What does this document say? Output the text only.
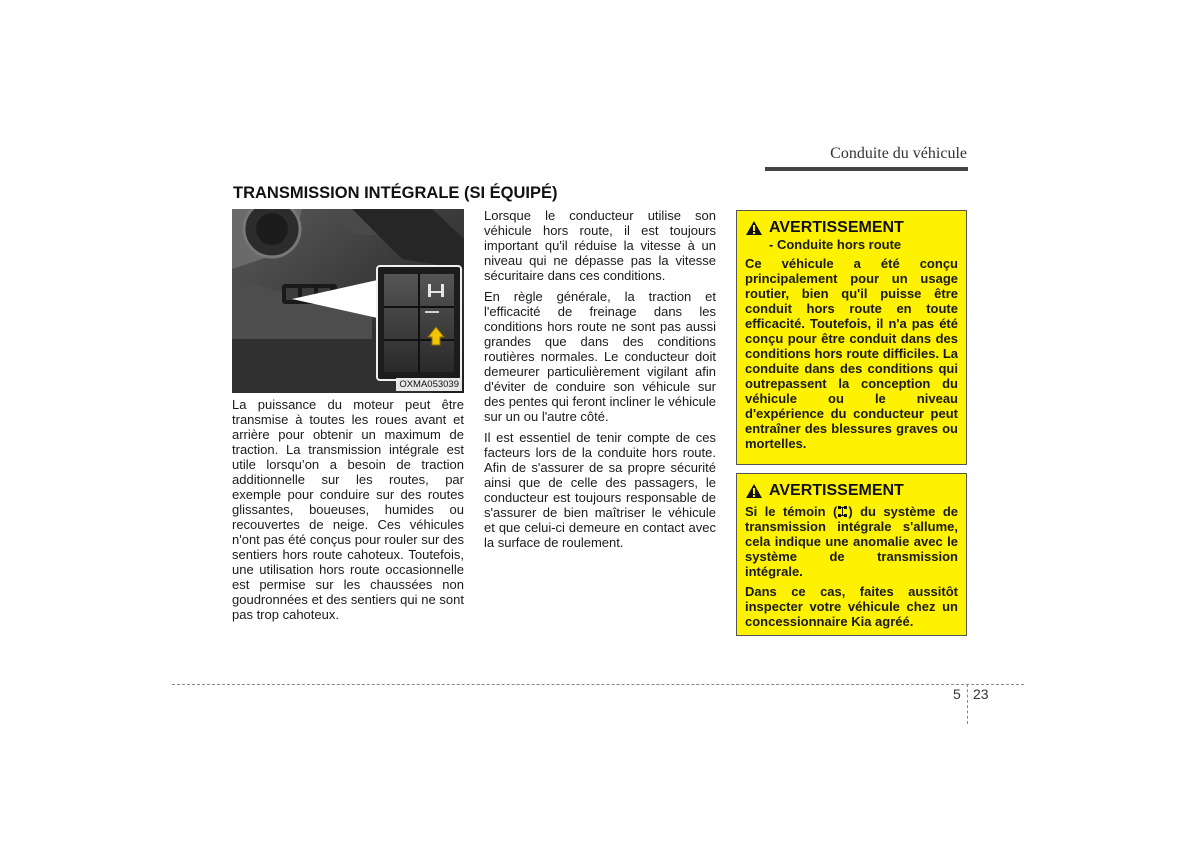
Conduite du véhicule
TRANSMISSION INTÉGRALE (SI ÉQUIPÉ)
OXMA053039

La puissance du moteur peut être transmise à toutes les roues avant et arrière pour obtenir un maximum de traction. La transmission intégrale est utile lorsqu’on a besoin de traction additionnelle sur les routes, par exemple pour conduire sur des routes glissantes, boueuses, humides ou recouvertes de neige. Ces véhicules n'ont pas été conçus pour rouler sur des sentiers hors route cahoteux. Toutefois, une utilisation hors route occasionnelle est permise sur les chaussées non goudronnées et des sentiers qui ne sont pas trop cahoteux.

Lorsque le conducteur utilise son véhicule hors route, il est toujours important qu'il réduise la vitesse à un niveau qui ne dépasse pas la vitesse sécuritaire dans ces conditions.

En règle générale, la traction et l'efficacité de freinage dans les conditions hors route ne sont pas aussi grandes que dans des conditions routières normales. Le conducteur doit demeurer particulièrement vigilant afin d'éviter de conduire son véhicule sur des pentes qui feront incliner le véhicule sur un ou l'autre côté.

Il est essentiel de tenir compte de ces facteurs lors de la conduite hors route. Afin de s'assurer de sa propre sécurité ainsi que de celle des passagers, le conducteur est toujours responsable de s'assurer de bien maîtriser le véhicule et que celui-ci demeure en contact avec la surface de roulement.

AVERTISSEMENT
- Conduite hors route

Ce véhicule a été conçu principalement pour un usage routier, bien qu'il puisse être conduit hors route en toute efficacité. Toutefois, il n'a pas été conçu pour être conduit dans des conditions hors route difficiles. La conduite dans des conditions qui outrepassent la conception du véhicule ou le niveau d'expérience du conducteur peut entraîner des blessures graves ou mortelles.

AVERTISSEMENT

Si le témoin ( ) du système de transmission intégrale s'allume, cela indique une anomalie avec le système de transmission intégrale.

Dans ce cas, faites aussitôt inspecter votre véhicule chez un concessionnaire Kia agréé.

5 23
